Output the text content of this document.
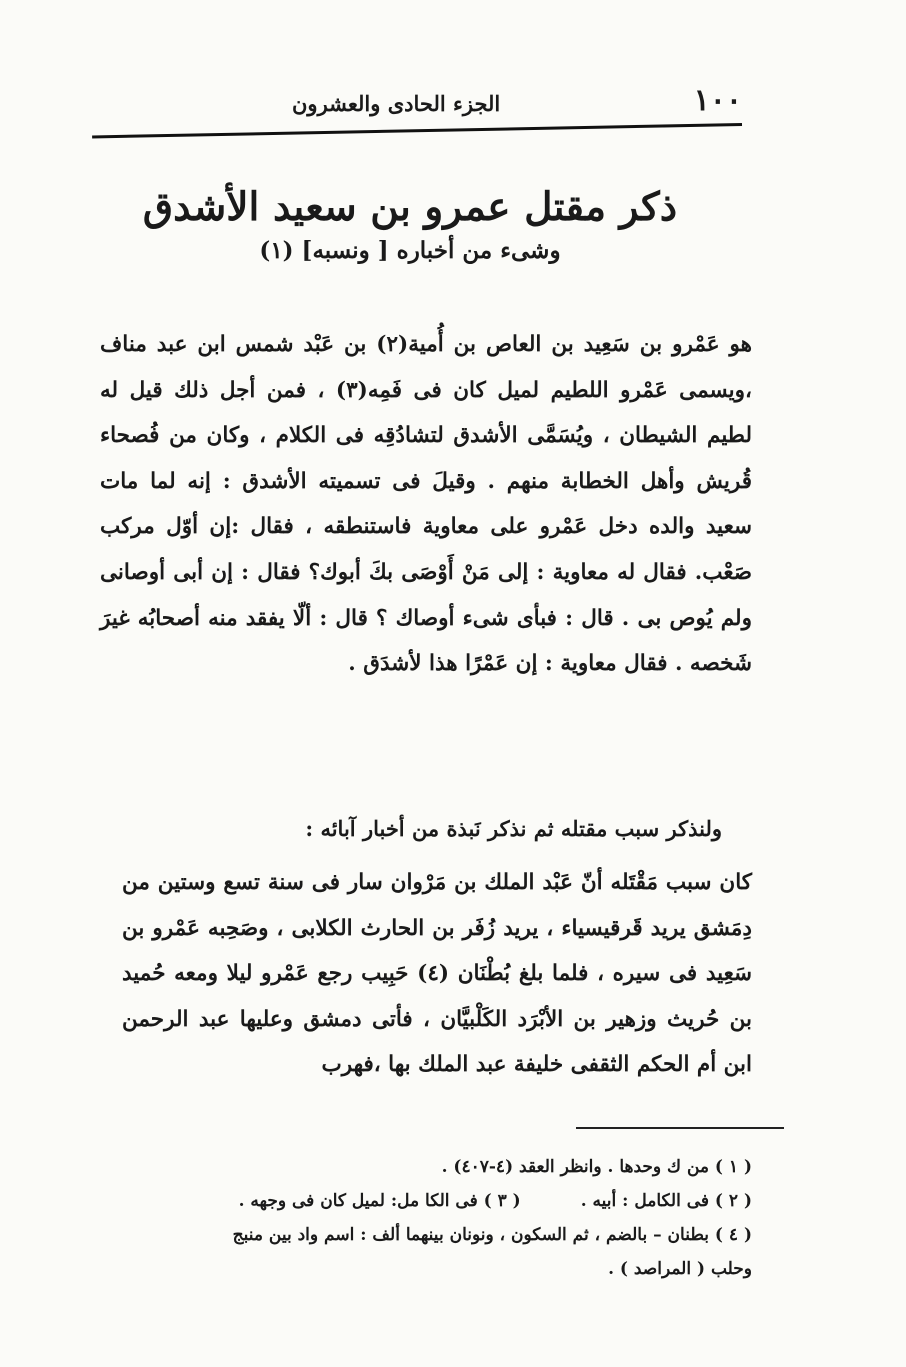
١٠٠
الجزء الحادى والعشرون
ذكر مقتل عمرو بن سعيد الأشدق

وشىء من أخباره [ ونسبه] (١)

هو عَمْرو بن سَعِيد بن العاص بن أُمية(٢) بن عَبْد شمس ابن عبد مناف ،ويسمى عَمْرو اللطيم لميل كان فى فَمِه(٣) ، فمن أجل ذلك قيل له لطيم الشيطان ، ويُسَمَّى الأشدق لتشادُقِه فى الكلام ، وكان من فُصحاء قُريش وأهل الخطابة منهم . وقيلَ فى تسميته الأشدق : إنه لما مات سعيد والده دخل عَمْرو على معاوية فاستنطقه ، فقال :إن أوّل مركب صَعْب. فقال له معاوية : إلى مَنْ أَوْصَى بكَ أبوك؟ فقال : إن أبى أوصانى ولم يُوص بى . قال : فبأى شىء أوصاك ؟ قال : ألّا يفقد منه أصحابُه غيرَ شَخصه . فقال معاوية : إن عَمْرًا هذا لأشدَق .

ولنذكر سبب مقتله ثم نذكر نَبذة من أخبار آبائه :

كان سبب مَقْتَله أنّ عَبْد الملك بن مَرْوان سار فى سنة تسع وستين من دِمَشق يريد قَرقيسياء ، يريد زُفَر بن الحارث الكلابى ، وصَحِبه عَمْرو بن سَعِيد فى سيره ، فلما بلغ بُطْنَان (٤) حَبِيب رجع عَمْرو ليلا ومعه حُميد بن حُريث وزهير بن الأبْرَد الكَلْبيَّان ، فأتى دمشق وعليها عبد الرحمن ابن أم الحكم الثقفى خليفة عبد الملك بها ،فهرب

( ١ ) من ك وحدها . وانظر العقد (٤-٤٠٧) .

( ٢ ) فى الكامل : أبيه .
( ٣ ) فى الكا مل: لميل كان فى وجهه .

( ٤ ) بطنان – بالضم ، ثم السكون ، ونونان بينهما ألف : اسم واد بين منبج

وحلب ( المراصد ) .
